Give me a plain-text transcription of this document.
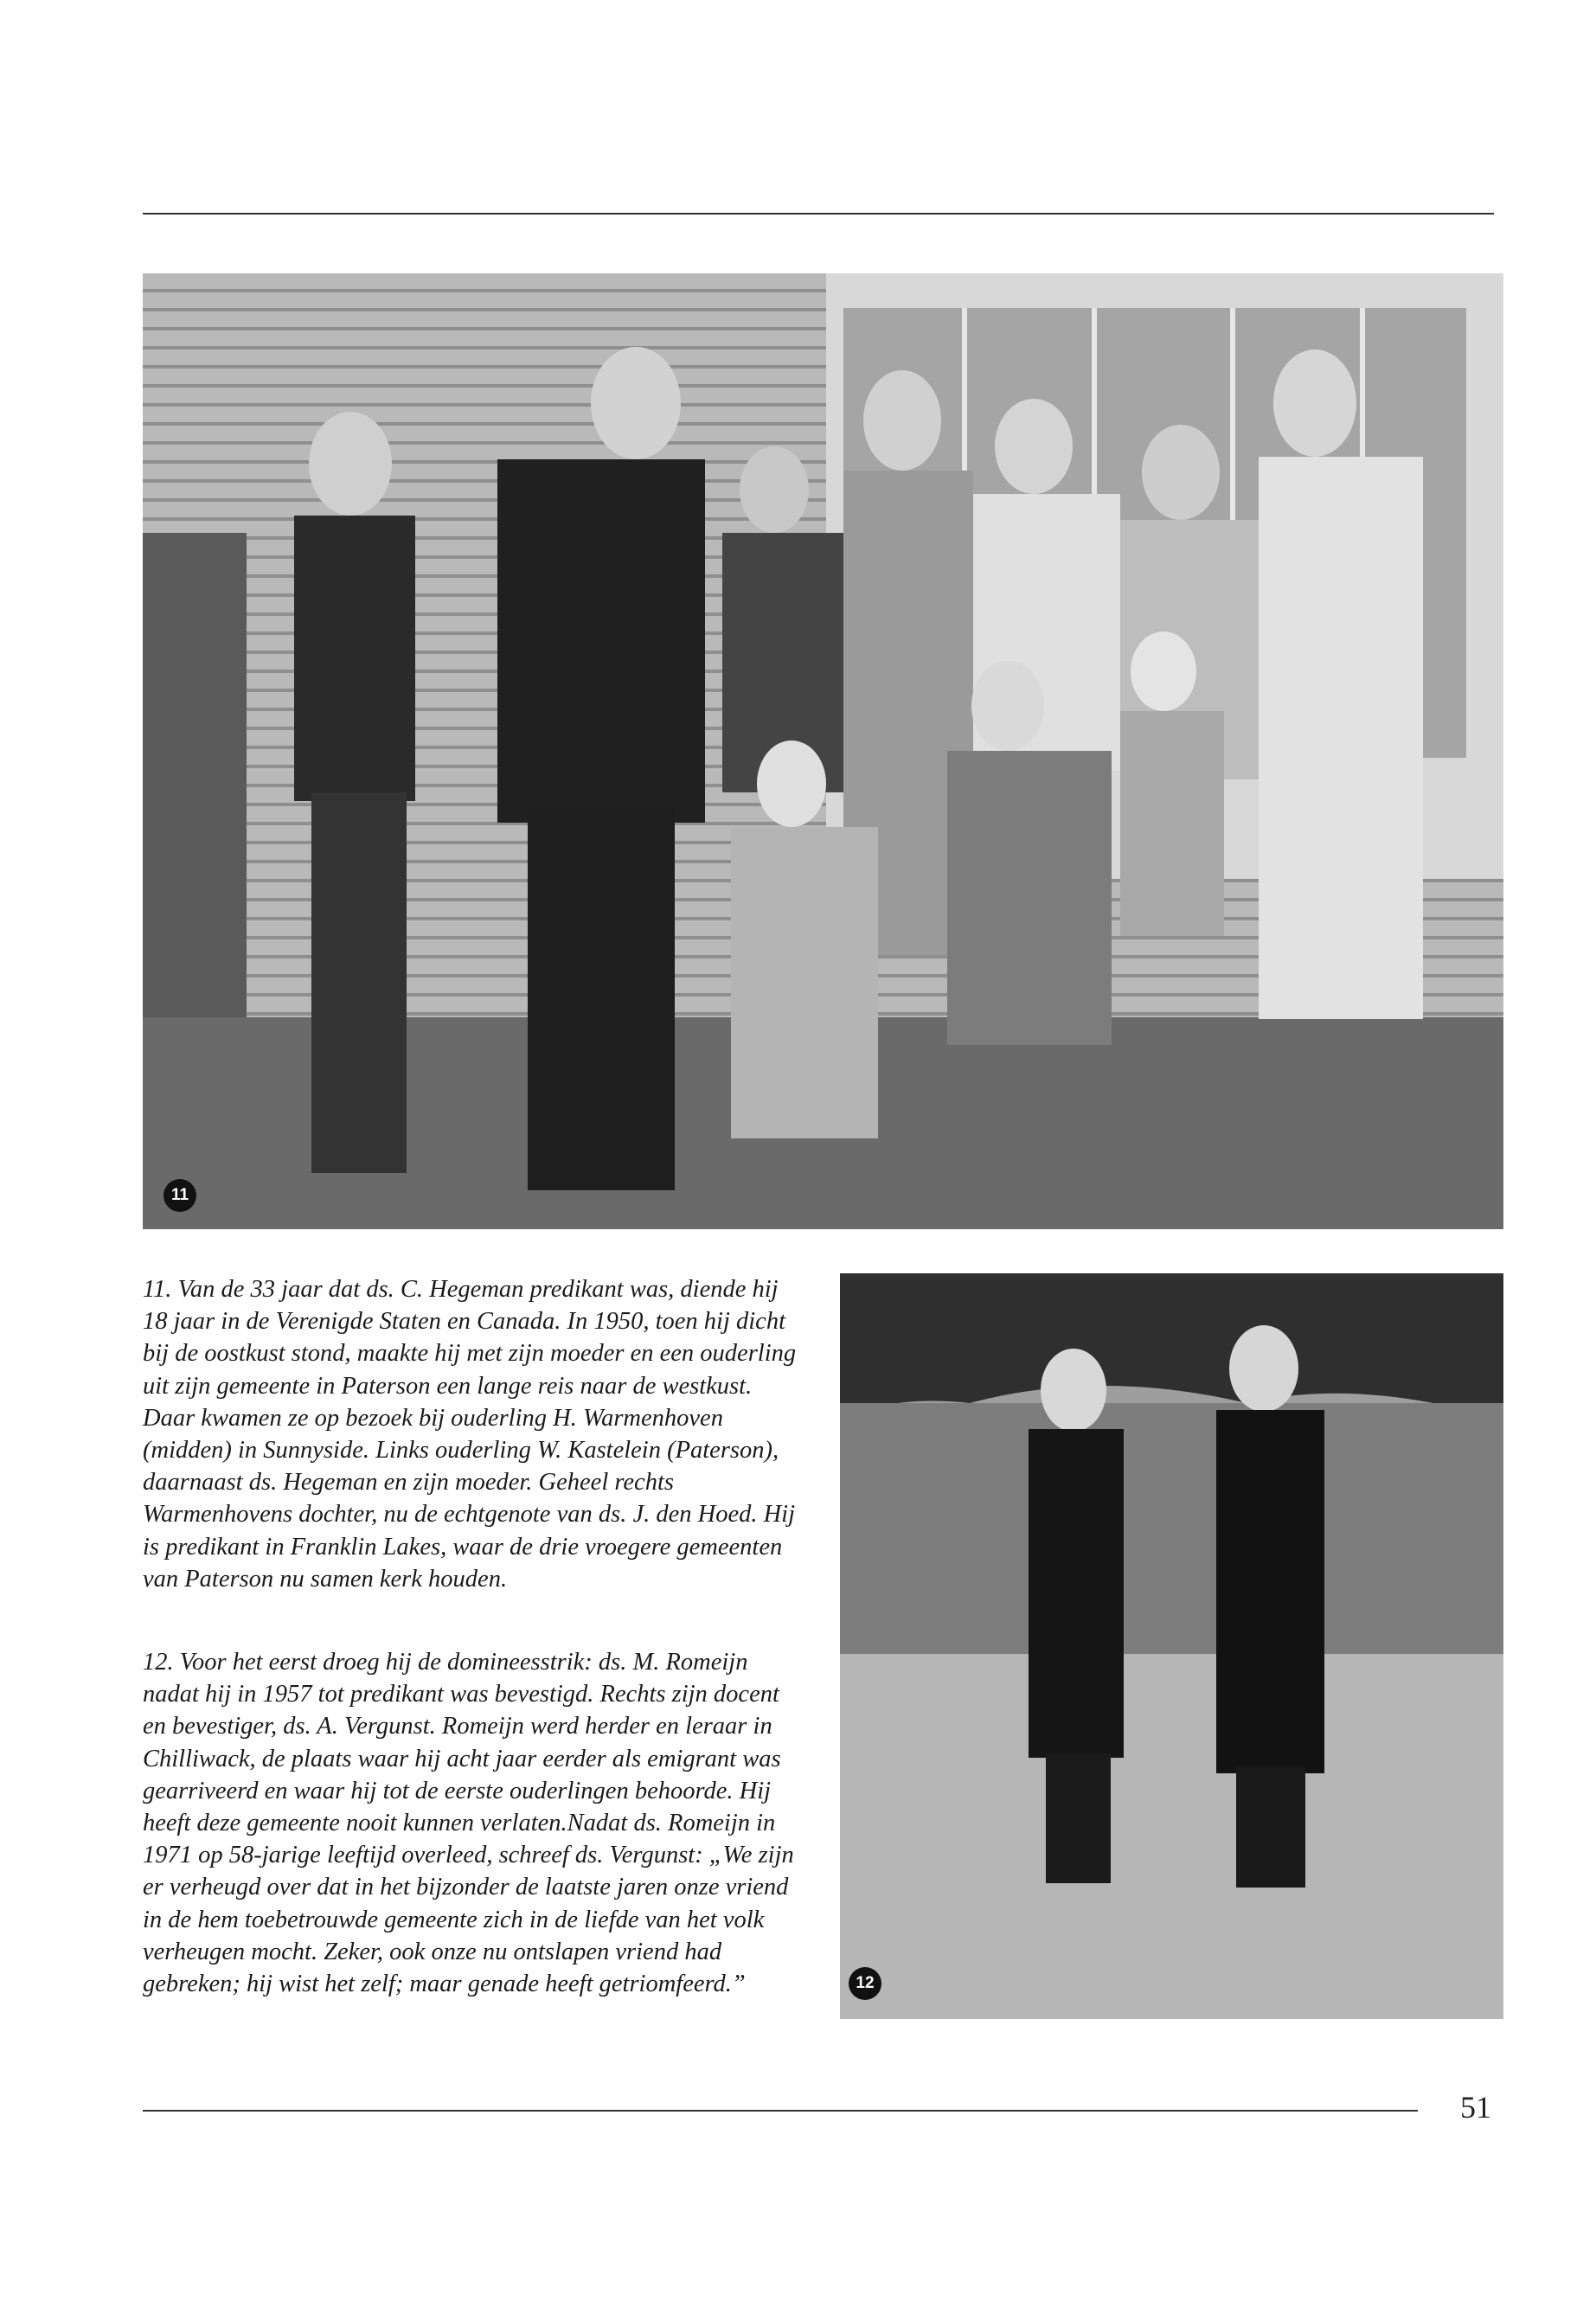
11

11. Van de 33 jaar dat ds. C. Hegeman predikant was, diende hij 18 jaar in de Verenigde Staten en Canada. In 1950, toen hij dicht bij de oostkust stond, maakte hij met zijn moeder en een ouderling uit zijn gemeente in Paterson een lange reis naar de westkust. Daar kwamen ze op bezoek bij ouderling H. Warmenhoven (midden) in Sunnyside. Links ouderling W. Kastelein (Paterson), daarnaast ds. Hegeman en zijn moeder. Geheel rechts Warmenhovens dochter, nu de echtgenote van ds. J. den Hoed. Hij is predikant in Franklin Lakes, waar de drie vroegere gemeenten van Paterson nu samen kerk houden.

12. Voor het eerst droeg hij de domineesstrik: ds. M. Romeijn nadat hij in 1957 tot predikant was bevestigd. Rechts zijn docent en bevestiger, ds. A. Vergunst. Romeijn werd herder en leraar in Chilliwack, de plaats waar hij acht jaar eerder als emigrant was gearriveerd en waar hij tot de eerste ouderlingen behoorde. Hij heeft deze gemeente nooit kunnen verlaten.Nadat ds. Romeijn in 1971 op 58-jarige leeftijd overleed, schreef ds. Vergunst: „We zijn er verheugd over dat in het bijzonder de laatste jaren onze vriend in de hem toebetrouwde gemeente zich in de liefde van het volk verheugen mocht. Zeker, ook onze nu ontslapen vriend had gebreken; hij wist het zelf; maar genade heeft getriomfeerd.”	12
51
